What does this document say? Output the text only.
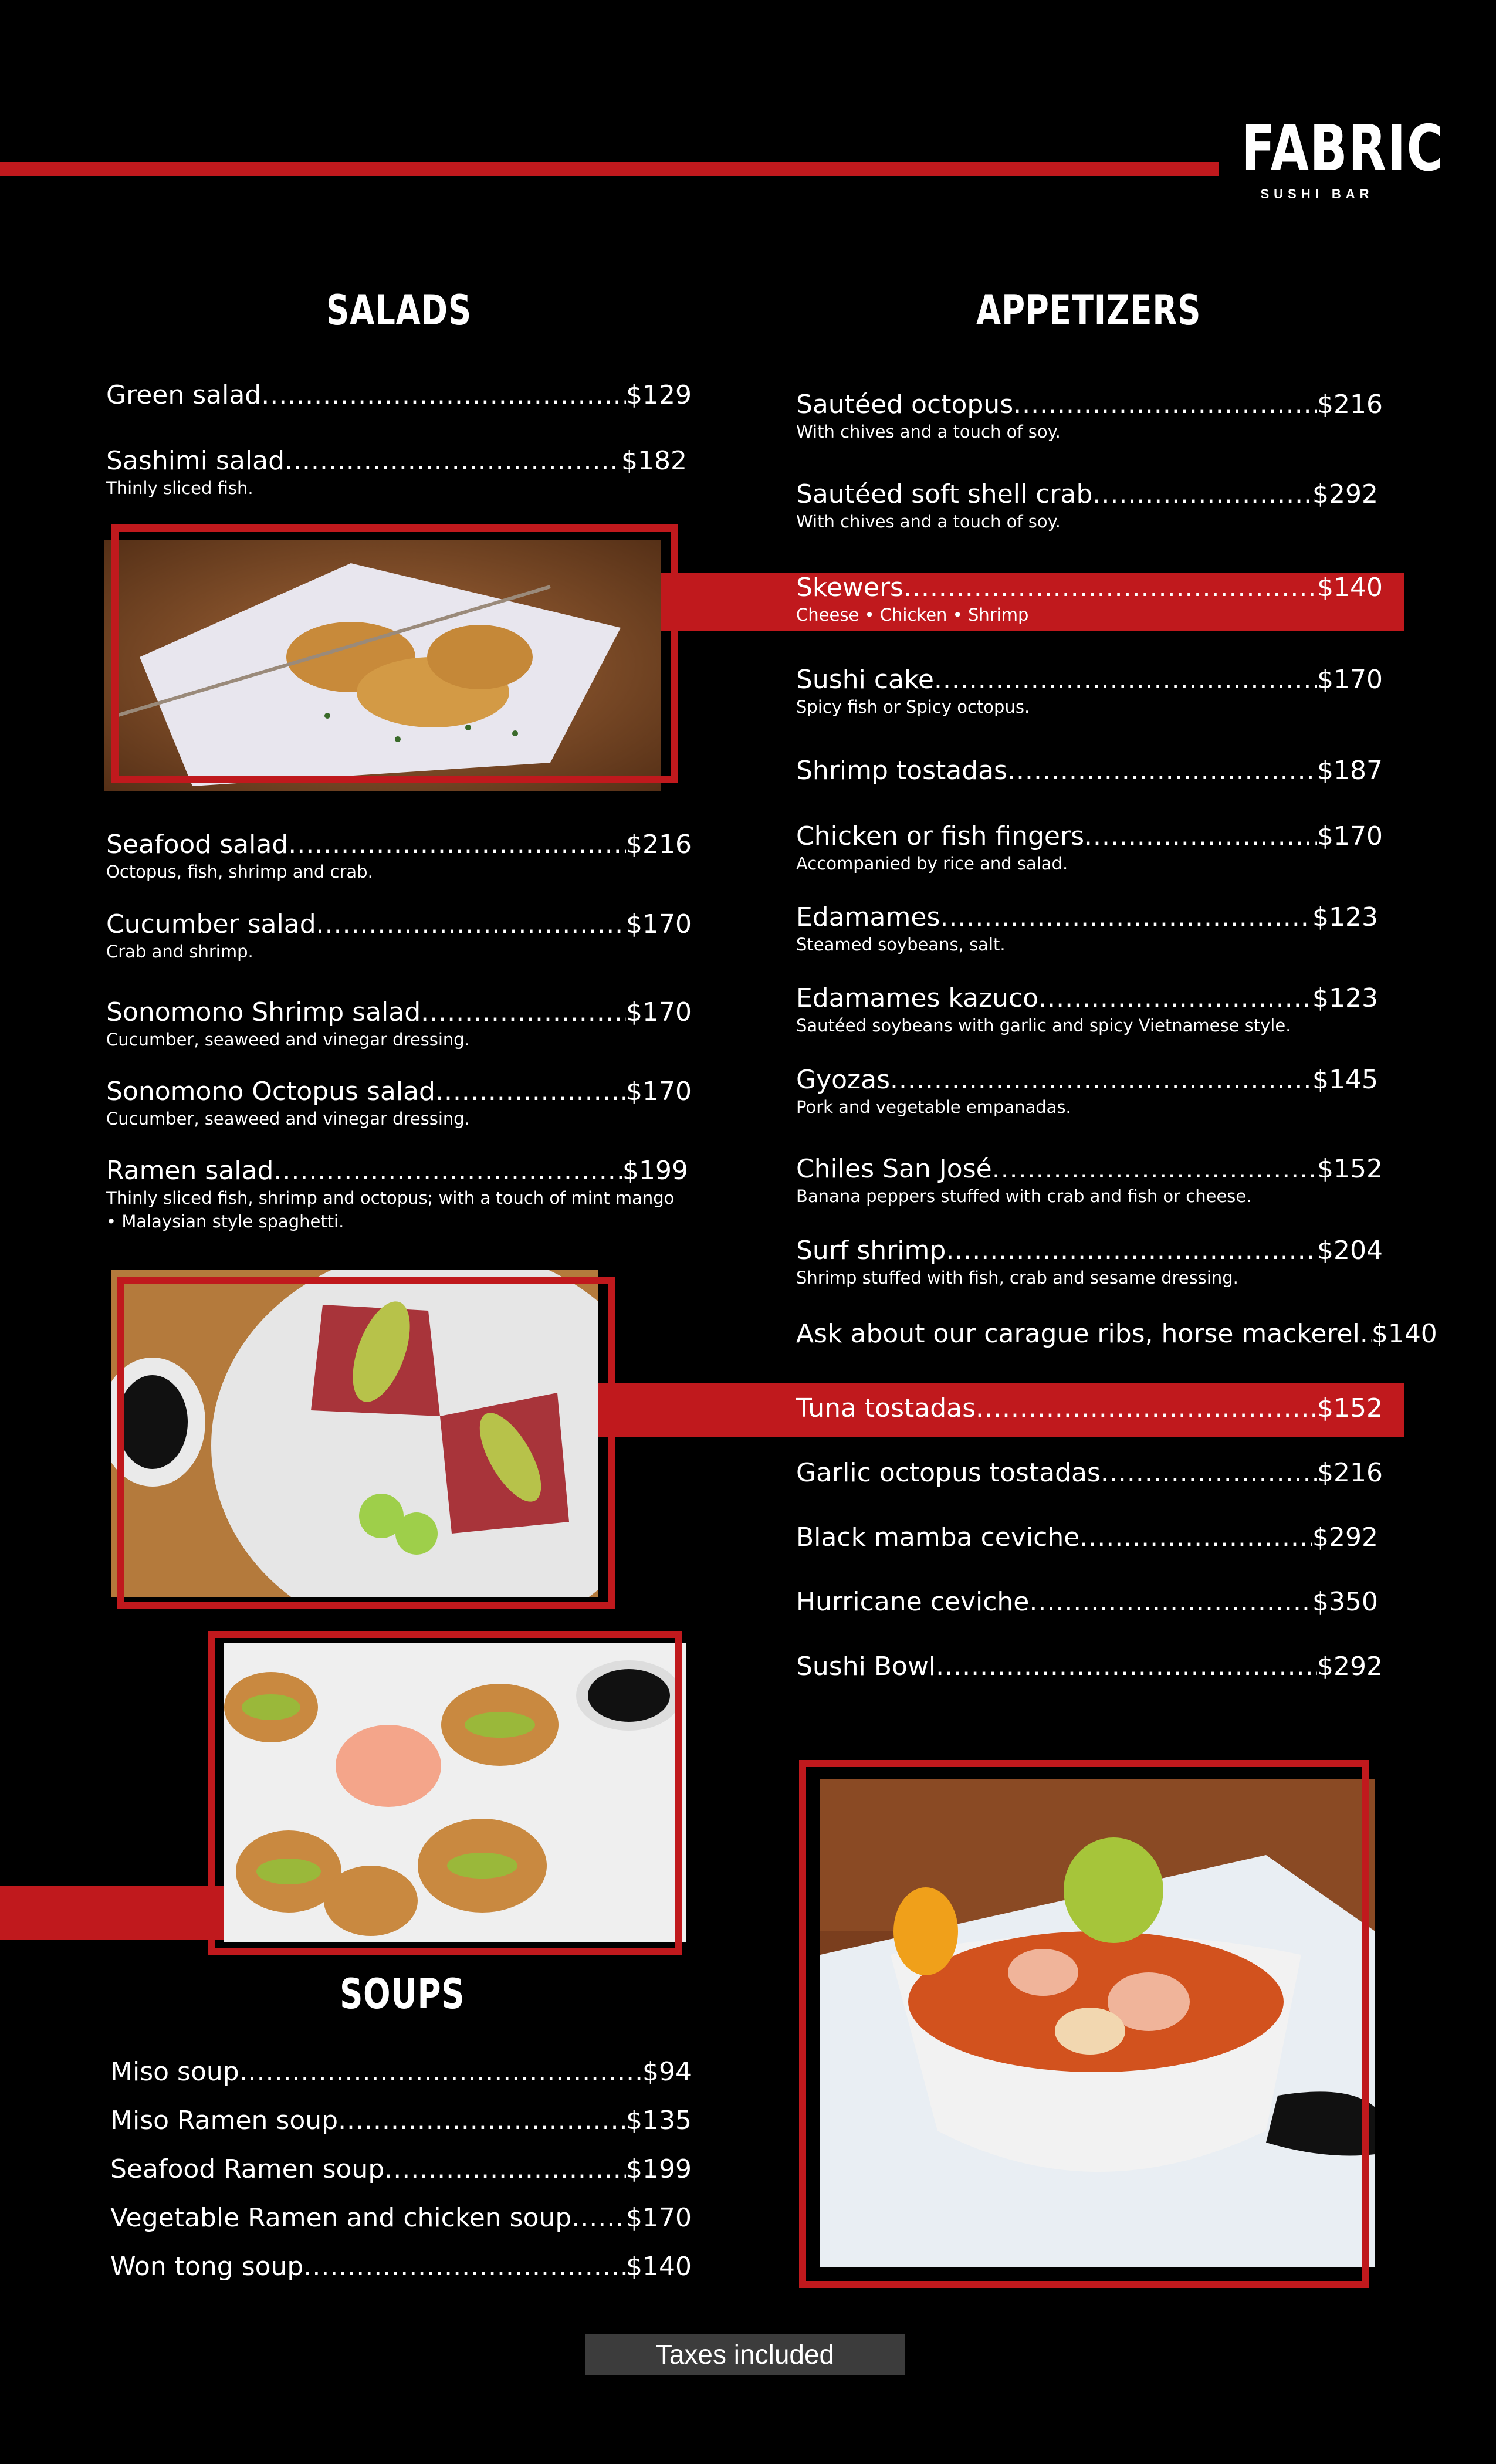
FABRIC
SUSHI BAR
SALADS	APPETIZERS
SOUPS
Green salad .....	$129
Sashimi salad .....	$182
Thinly sliced fish.
Seafood salad .....	$216
Octopus, fish, shrimp and crab.
Cucumber salad .....	$170
Crab and shrimp.
Sonomono Shrimp salad .....	$170
Cucumber, seaweed and vinegar dressing.
Sonomono Octopus salad .....	$170
Cucumber, seaweed and vinegar dressing.
Ramen salad .....	$199
Thinly sliced fish, shrimp and octopus; with a touch of mint mango
• Malaysian style spaghetti.
Sautéed octopus .....	$216
With chives and a touch of soy.
Sautéed soft shell crab .....	$292
With chives and a touch of soy.
Skewers .....	$140
Cheese • Chicken • Shrimp
Sushi cake .....	$170
Spicy fish or Spicy octopus.
Shrimp tostadas .....	$187
Chicken or fish fingers .....	$170
Accompanied by rice and salad.
Edamames .....	$123
Steamed soybeans, salt.
Edamames kazuco .....	$123
Sautéed soybeans with garlic and spicy Vietnamese style.
Gyozas .....	$145
Pork and vegetable empanadas.
Chiles San José .....	$152
Banana peppers stuffed with crab and fish or cheese.
Surf shrimp .....	$204
Shrimp stuffed with fish, crab and sesame dressing.
Ask about our carague ribs, horse mackerel ..... $140
Tuna tostadas .....	$152
Garlic octopus tostadas .....	$216
Black mamba ceviche .....	$292
Hurricane ceviche .....	$350
Sushi Bowl .....	$292
Miso soup .....	$94
Miso Ramen soup .....	$135
Seafood Ramen soup .....	$199
Vegetable Ramen and chicken soup ..... $170
Won tong soup .....	$140
Taxes included
